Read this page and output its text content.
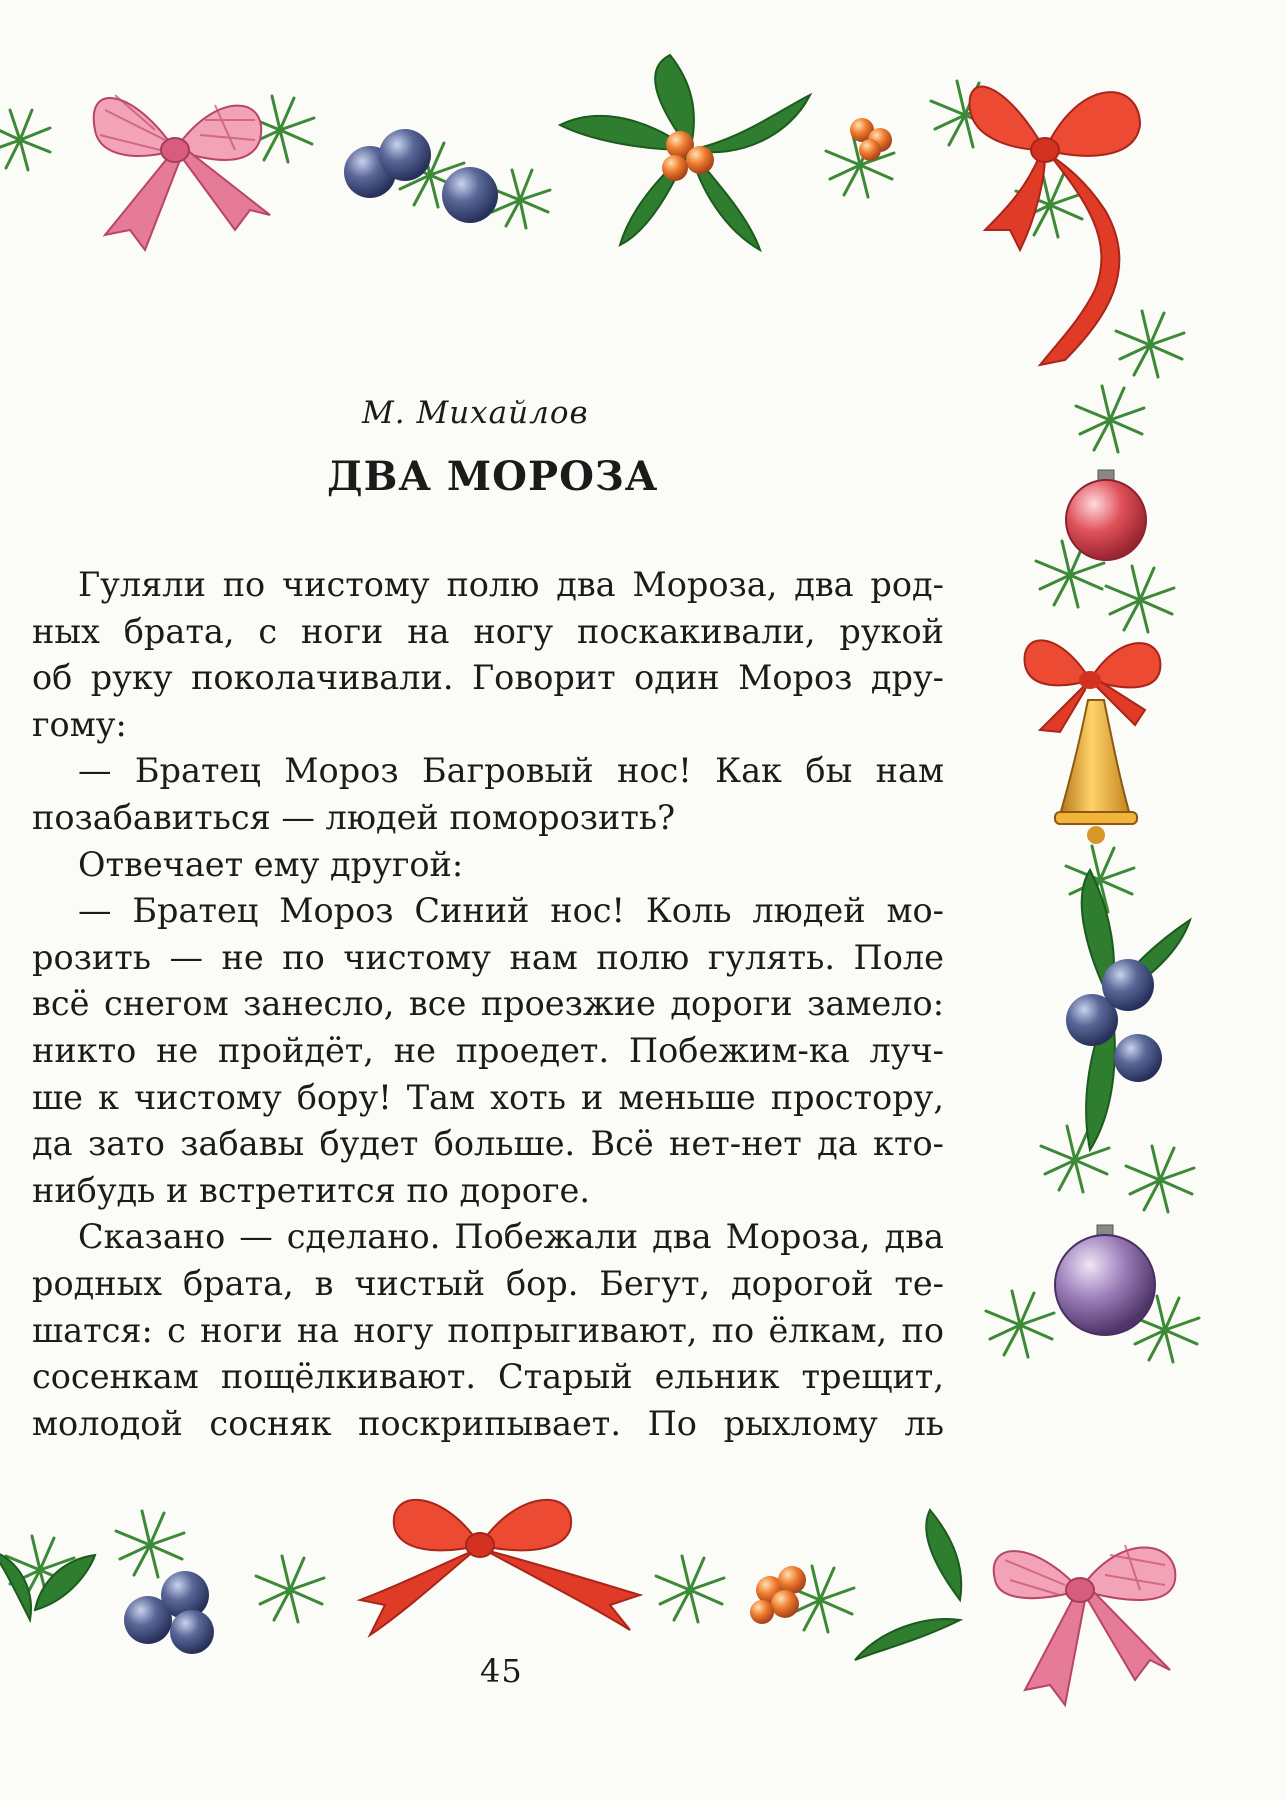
М. Михайлов
ДВА МОРОЗА

Гуляли по чистому полю два Мороза, два род-

ных брата, с ноги на ногу поскакивали, рукой

об руку поколачивали. Говорит один Мороз дру-

гому:

— Братец Мороз Багровый нос! Как бы нам

позабавиться — людей поморозить?

Отвечает ему другой:

— Братец Мороз Синий нос! Коль людей мо-

розить — не по чистому нам полю гулять. Поле

всё снегом занесло, все проезжие дороги замело:

никто не пройдёт, не проедет. Побежим-ка луч-

ше к чистому бору! Там хоть и меньше простору,

да зато забавы будет больше. Всё нет-нет да кто-

нибудь и встретится по дороге.

Сказано — сделано. Побежали два Мороза, два

родных брата, в чистый бор. Бегут, дорогой те-

шатся: с ноги на ногу попрыгивают, по ёлкам, по

сосенкам пощёлкивают. Старый ельник трещит,

молодой сосняк поскрипывает. По рыхлому ль

45
